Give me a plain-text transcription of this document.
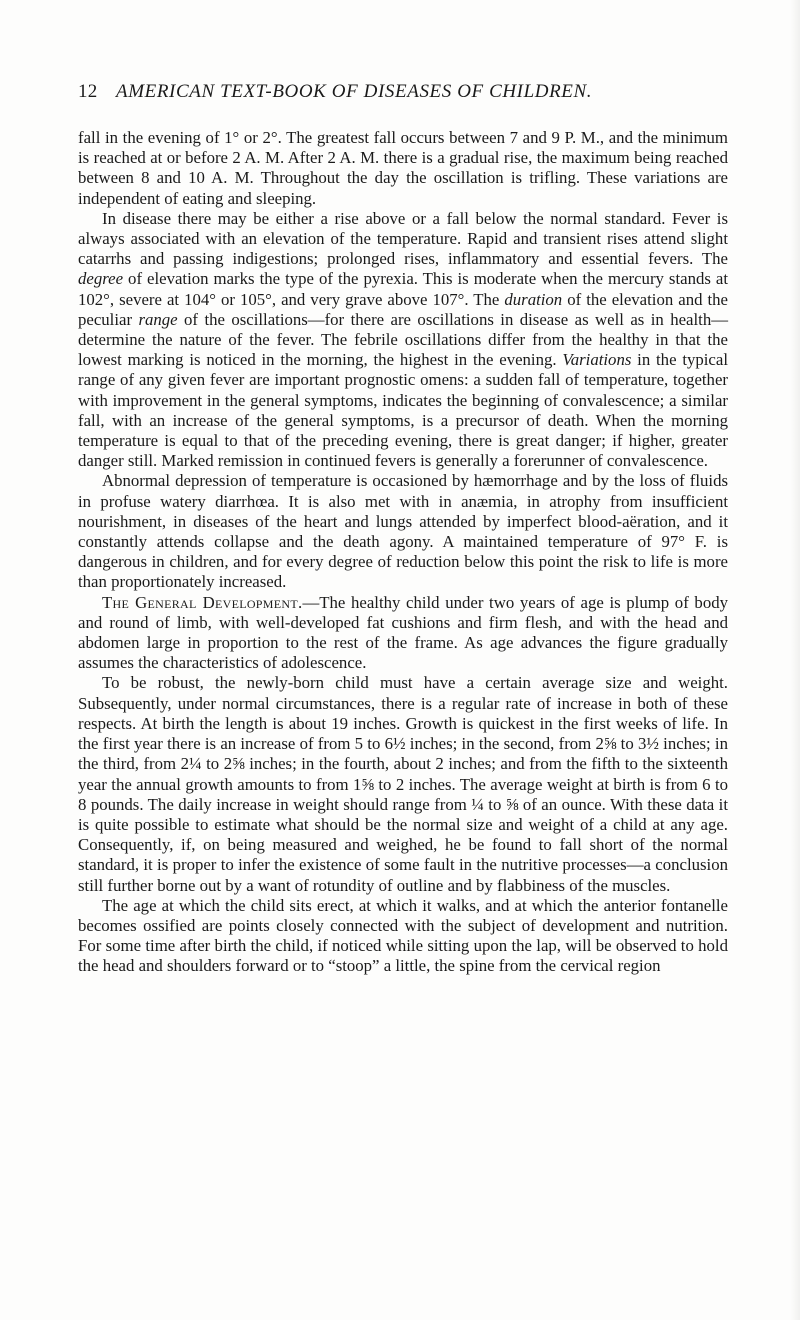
12 AMERICAN TEXT-BOOK OF DISEASES OF CHILDREN.

fall in the evening of 1° or 2°. The greatest fall occurs between 7 and 9 P. M., and the minimum is reached at or before 2 A. M. After 2 A. M. there is a gradual rise, the maximum being reached between 8 and 10 A. M. Throughout the day the oscillation is trifling. These variations are independent of eating and sleeping.

In disease there may be either a rise above or a fall below the normal standard. Fever is always associated with an elevation of the temperature. Rapid and transient rises attend slight catarrhs and passing indigestions; prolonged rises, inflammatory and essential fevers. The degree of elevation marks the type of the pyrexia. This is moderate when the mercury stands at 102°, severe at 104° or 105°, and very grave above 107°. The duration of the elevation and the peculiar range of the oscillations—for there are oscillations in disease as well as in health—determine the nature of the fever. The febrile oscillations differ from the healthy in that the lowest marking is noticed in the morning, the highest in the evening. Variations in the typical range of any given fever are important prognostic omens: a sudden fall of temperature, together with improvement in the general symptoms, indicates the beginning of convalescence; a similar fall, with an increase of the general symptoms, is a precursor of death. When the morning temperature is equal to that of the preceding evening, there is great danger; if higher, greater danger still. Marked remission in continued fevers is generally a forerunner of convalescence.

Abnormal depression of temperature is occasioned by hæmorrhage and by the loss of fluids in profuse watery diarrhœa. It is also met with in anæmia, in atrophy from insufficient nourishment, in diseases of the heart and lungs attended by imperfect blood-aëration, and it constantly attends collapse and the death agony. A maintained temperature of 97° F. is dangerous in children, and for every degree of reduction below this point the risk to life is more than proportionately increased.

The General Development.—The healthy child under two years of age is plump of body and round of limb, with well-developed fat cushions and firm flesh, and with the head and abdomen large in proportion to the rest of the frame. As age advances the figure gradually assumes the characteristics of adolescence.

To be robust, the newly-born child must have a certain average size and weight. Subsequently, under normal circumstances, there is a regular rate of increase in both of these respects. At birth the length is about 19 inches. Growth is quickest in the first weeks of life. In the first year there is an increase of from 5 to 6½ inches; in the second, from 2⅝ to 3½ inches; in the third, from 2¼ to 2⅝ inches; in the fourth, about 2 inches; and from the fifth to the sixteenth year the annual growth amounts to from 1⅝ to 2 inches. The average weight at birth is from 6 to 8 pounds. The daily increase in weight should range from ¼ to ⅝ of an ounce. With these data it is quite possible to estimate what should be the normal size and weight of a child at any age. Consequently, if, on being measured and weighed, he be found to fall short of the normal standard, it is proper to infer the existence of some fault in the nutritive processes—a conclusion still further borne out by a want of rotundity of outline and by flabbiness of the muscles.

The age at which the child sits erect, at which it walks, and at which the anterior fontanelle becomes ossified are points closely connected with the subject of development and nutrition. For some time after birth the child, if noticed while sitting upon the lap, will be observed to hold the head and shoulders forward or to “stoop” a little, the spine from the cervical region
